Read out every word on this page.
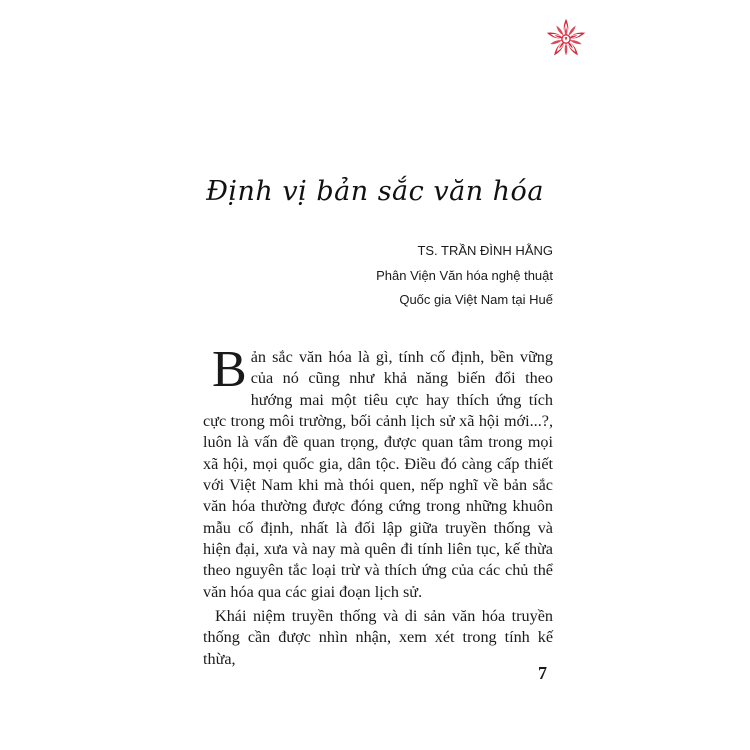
Định vị bản sắc văn hóa
TS. TRẦN ĐÌNH HẰNG
Phân Viện Văn hóa nghệ thuật
Quốc gia Việt Nam tại Huế

Bản sắc văn hóa là gì, tính cố định, bền vững của nó cũng như khả năng biến đổi theo hướng mai một tiêu cực hay thích ứng tích cực trong môi trường, bối cảnh lịch sử xã hội mới...?, luôn là vấn đề quan trọng, được quan tâm trong mọi xã hội, mọi quốc gia, dân tộc. Điều đó càng cấp thiết với Việt Nam khi mà thói quen, nếp nghĩ về bản sắc văn hóa thường được đóng cứng trong những khuôn mẫu cố định, nhất là đối lập giữa truyền thống và hiện đại, xưa và nay mà quên đi tính liên tục, kế thừa theo nguyên tắc loại trừ và thích ứng của các chủ thể văn hóa qua các giai đoạn lịch sử.

Khái niệm truyền thống và di sản văn hóa truyền thống cần được nhìn nhận, xem xét trong tính kế thừa,

7
